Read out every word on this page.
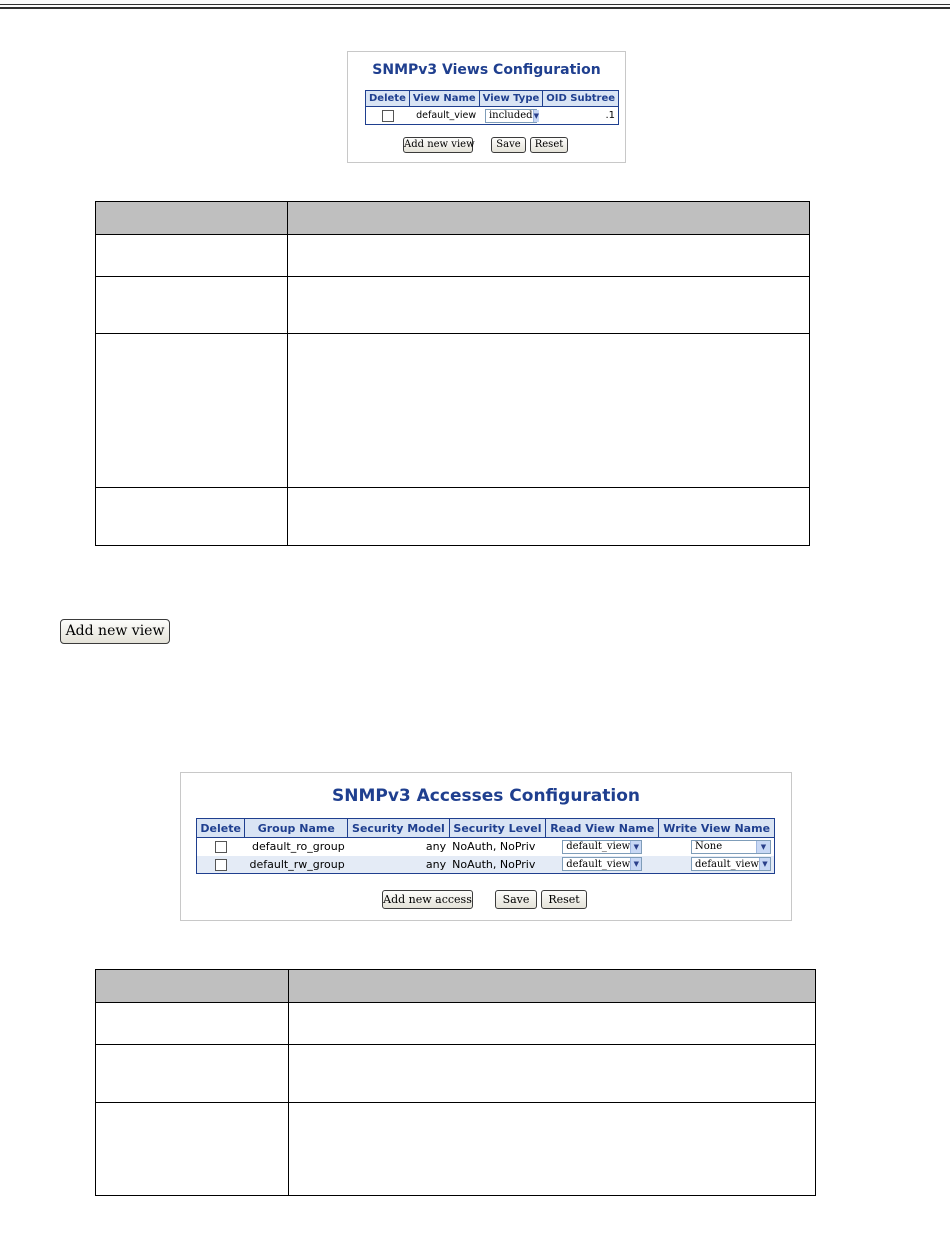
SNMPv3 Views Configuration
Delete	View Name	View Type	OID Subtree
	default_view	included ▼	.1
Add new view	Save	Reset
Add new view
SNMPv3 Accesses Configuration
Delete	Group Name	Security Model	Security Level	Read View Name	Write View Name
	default_ro_group	any	NoAuth, NoPriv	default_view ▼	None ▼

	default_rw_group	any	NoAuth, NoPriv	default_view ▼	default_view ▼
Add new access	Save	Reset
